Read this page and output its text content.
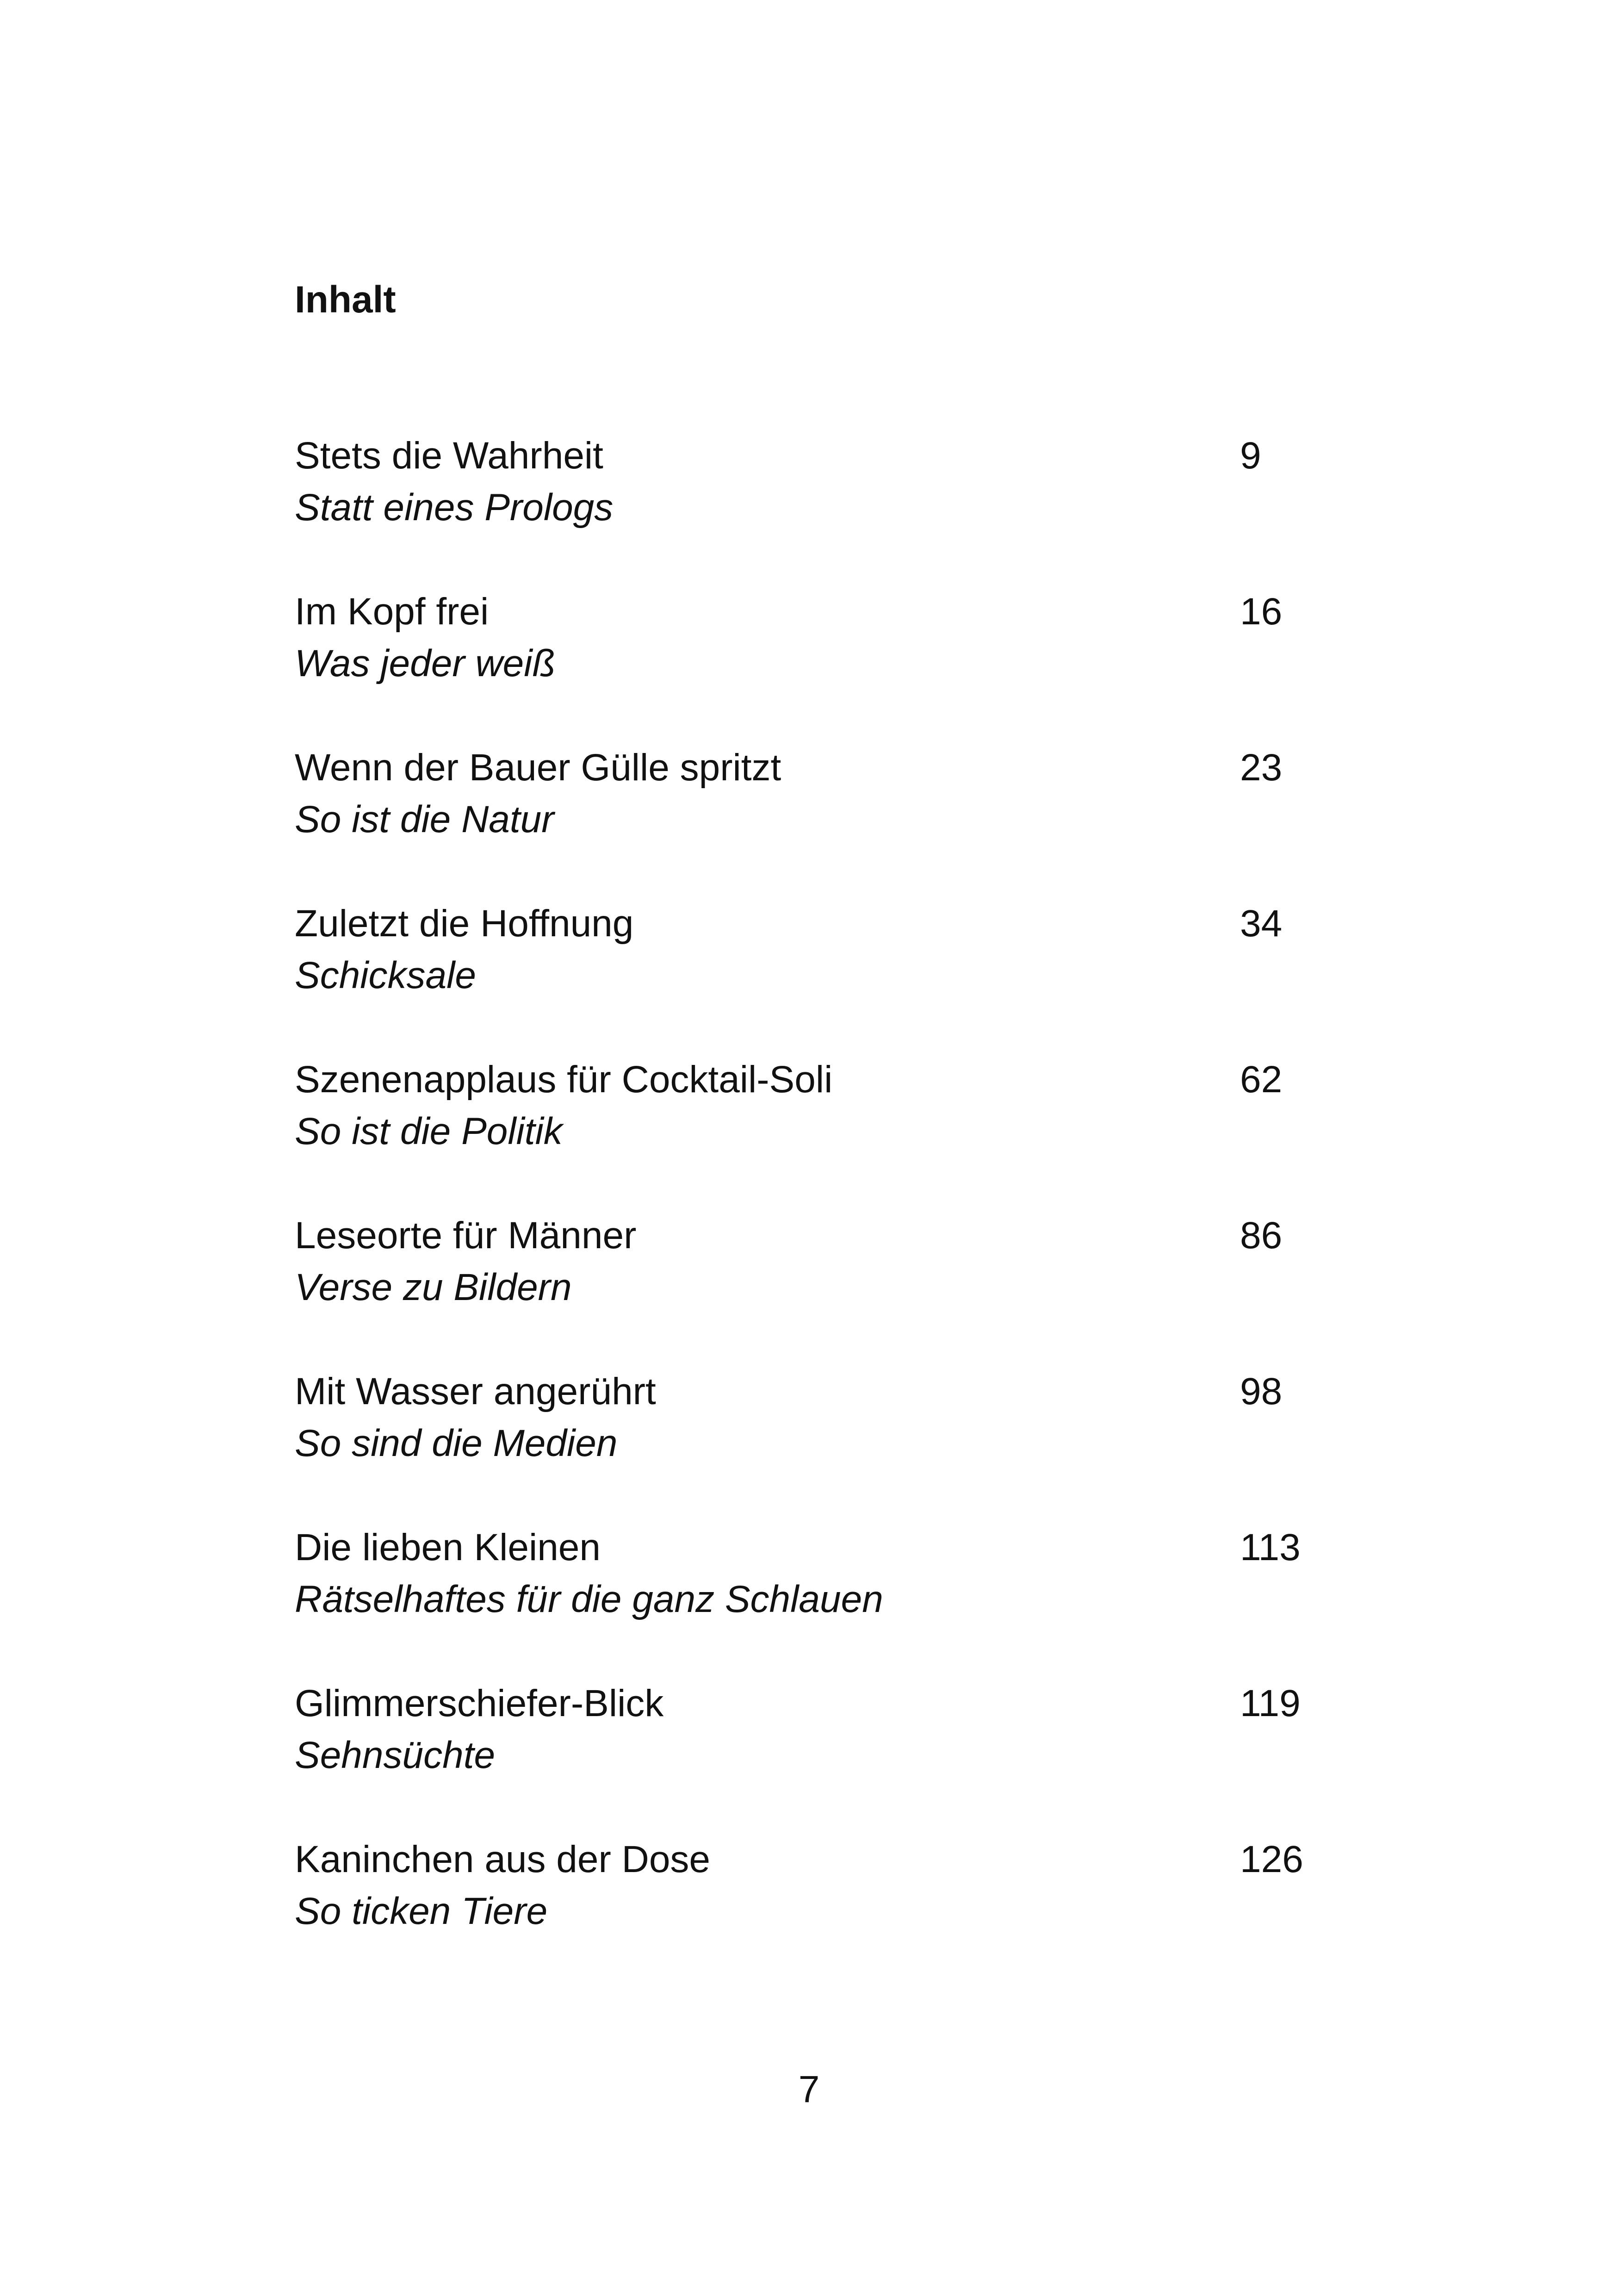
Inhalt
Stets die Wahrheit
Statt eines Prologs
9
Im Kopf frei
Was jeder weiß
16
Wenn der Bauer Gülle spritzt
So ist die Natur
23
Zuletzt die Hoffnung
Schicksale
34
Szenenapplaus für Cocktail-Soli
So ist die Politik
62
Leseorte für Männer
Verse zu Bildern
86
Mit Wasser angerührt
So sind die Medien
98
Die lieben Kleinen
Rätselhaftes für die ganz Schlauen
113
Glimmerschiefer-Blick
Sehnsüchte
119
Kaninchen aus der Dose
So ticken Tiere
126
7
